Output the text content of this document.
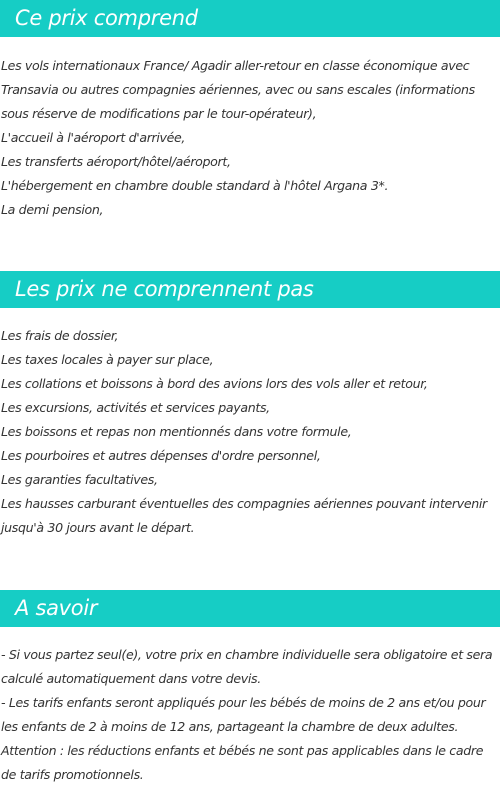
Ce prix comprend

Les vols internationaux France/ Agadir aller-retour en classe économique avec Transavia ou autres compagnies aériennes, avec ou sans escales (informations sous réserve de modifications par le tour-opérateur),

L'accueil à l'aéroport d'arrivée,

Les transferts aéroport/hôtel/aéroport,

L'hébergement en chambre double standard à l'hôtel Argana 3*.

La demi pension,

Les prix ne comprennent pas

Les frais de dossier,

Les taxes locales à payer sur place,

Les collations et boissons à bord des avions lors des vols aller et retour,

Les excursions, activités et services payants,

Les boissons et repas non mentionnés dans votre formule,

Les pourboires et autres dépenses d'ordre personnel,

Les garanties facultatives,

Les hausses carburant éventuelles des compagnies aériennes pouvant intervenir jusqu'à 30 jours avant le départ.

A savoir

- Si vous partez seul(e), votre prix en chambre individuelle sera obligatoire et sera calculé automatiquement dans votre devis.

- Les tarifs enfants seront appliqués pour les bébés de moins de 2 ans et/ou pour les enfants de 2 à moins de 12 ans, partageant la chambre de deux adultes.

Attention : les réductions enfants et bébés ne sont pas applicables dans le cadre de tarifs promotionnels.
